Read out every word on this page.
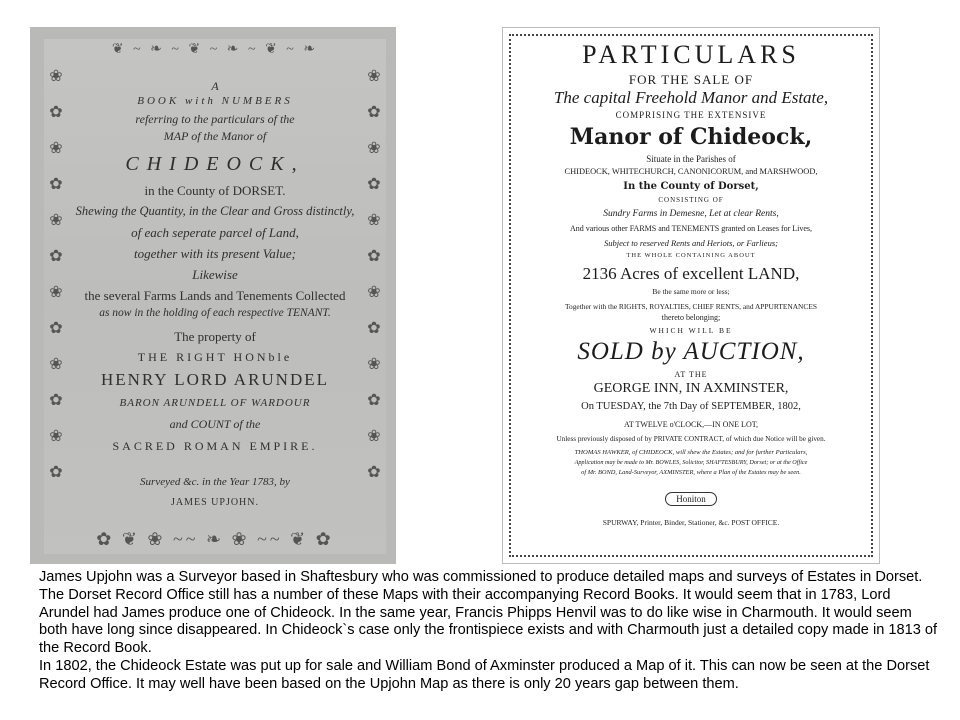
❦ ~ ❧ ~ ❦ ~ ❧ ~ ❦ ~ ❧
❀
✿
❀
✿
❀
✿
❀
✿
❀
✿
❀
✿
❀
✿
❀
✿
❀
✿
❀
✿
❀
✿
❀
✿
A
BOOK with NUMBERS
referring to the particulars of the
MAP of the Manor of
CHIDEOCK,
in the County of DORSET.
Shewing the Quantity, in the Clear and Gross distinctly,
of each seperate parcel of Land,
together with its present Value;
Likewise
the several Farms Lands and Tenements Collected
as now in the holding of each respective TENANT.
The property of
THE RIGHT HONble
HENRY LORD ARUNDEL
BARON ARUNDELL OF WARDOUR
and COUNT of the
SACRED ROMAN EMPIRE.
Surveyed &c. in the Year 1783, by
JAMES UPJOHN.
✿ ❦ ❀ ~~ ❧ ❀ ~~ ❦ ✿
PARTICULARS
FOR THE SALE OF
The capital Freehold Manor and Estate,
COMPRISING THE EXTENSIVE
Manor of Chideock,
Situate in the Parishes of
CHIDEOCK, WHITECHURCH, CANONICORUM, and MARSHWOOD,
In the County of Dorset,
CONSISTING OF
Sundry Farms in Demesne, Let at clear Rents,
And various other FARMS and TENEMENTS granted on Leases for Lives,
Subject to reserved Rents and Heriots, or Farlieus;
THE WHOLE CONTAINING ABOUT
2136 Acres of excellent LAND,
Be the same more or less;
Together with the RIGHTS, ROYALTIES, CHIEF RENTS, and APPURTENANCES
thereto belonging;
WHICH WILL BE
SOLD by AUCTION,
AT THE
GEORGE INN, IN AXMINSTER,
On TUESDAY, the 7th Day of SEPTEMBER, 1802,
AT TWELVE o'CLOCK,—IN ONE LOT,
Unless previously disposed of by PRIVATE CONTRACT, of which due Notice will be given.
THOMAS HAWKER, of CHIDEOCK, will shew the Estates; and for further Particulars,
Application may be made to Mr. BOWLES, Solicitor, SHAFTESBURY, Dorset; or at the Office
of Mr. BOND, Land-Surveyor, AXMINSTER, where a Plan of the Estates may be seen.
Honiton
SPURWAY, Printer, Binder, Stationer, &c. POST OFFICE.

James Upjohn was a Surveyor based in Shaftesbury who was commissioned to produce detailed maps and surveys of Estates in Dorset. The Dorset Record Office still has a number of these Maps with their accompanying Record Books. It would seem that in 1783, Lord Arundel had James produce one of Chideock. In the same year, Francis Phipps Henvil was to do like wise in Charmouth. It would seem both have long since disappeared. In Chideock`s case only the frontispiece exists and with Charmouth just a detailed copy made in 1813 of the Record Book.

In 1802, the Chideock Estate was put up for sale and William Bond of Axminster produced a Map of it. This can now be seen at the Dorset Record Office. It may well have been based on the Upjohn Map as there is only 20 years gap between them.
